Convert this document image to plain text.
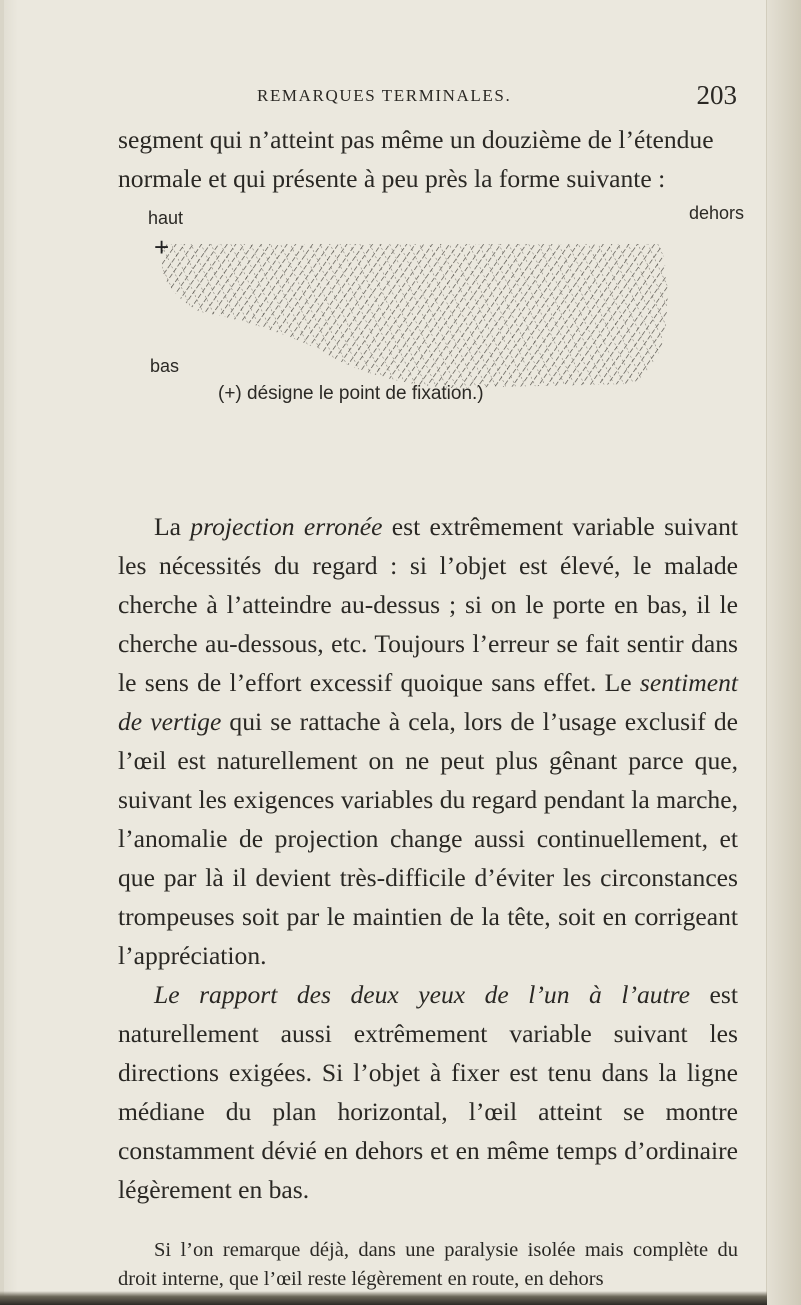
REMARQUES TERMINALES.	203

segment qui n’atteint pas même un douzième de l’étendue

normale et qui présente à peu près la forme suivante :

haut	dehors
bas
+
(+) désigne le point de fixation.)

La projection erronée est extrêmement variable suivant les nécessités du regard : si l’objet est élevé, le malade cherche à l’atteindre au-dessus ; si on le porte en bas, il le cherche au-dessous, etc. Toujours l’erreur se fait sentir dans le sens de l’effort excessif quoique sans effet. Le sentiment de vertige qui se rattache à cela, lors de l’usage exclusif de l’œil est naturellement on ne peut plus gênant parce que, suivant les exigences variables du regard pendant la marche, l’anomalie de projection change aussi continuellement, et que par là il devient très-difficile d’éviter les circonstances trompeuses soit par le maintien de la tête, soit en corrigeant l’appréciation.

Le rapport des deux yeux de l’un à l’autre est naturellement aussi extrêmement variable suivant les directions exigées. Si l’objet à fixer est tenu dans la ligne médiane du plan horizontal, l’œil atteint se montre constamment dévié en dehors et en même temps d’ordinaire légèrement en bas.

Si l’on remarque déjà, dans une paralysie isolée mais complète du droit interne, que l’œil reste légèrement en route, en dehors
